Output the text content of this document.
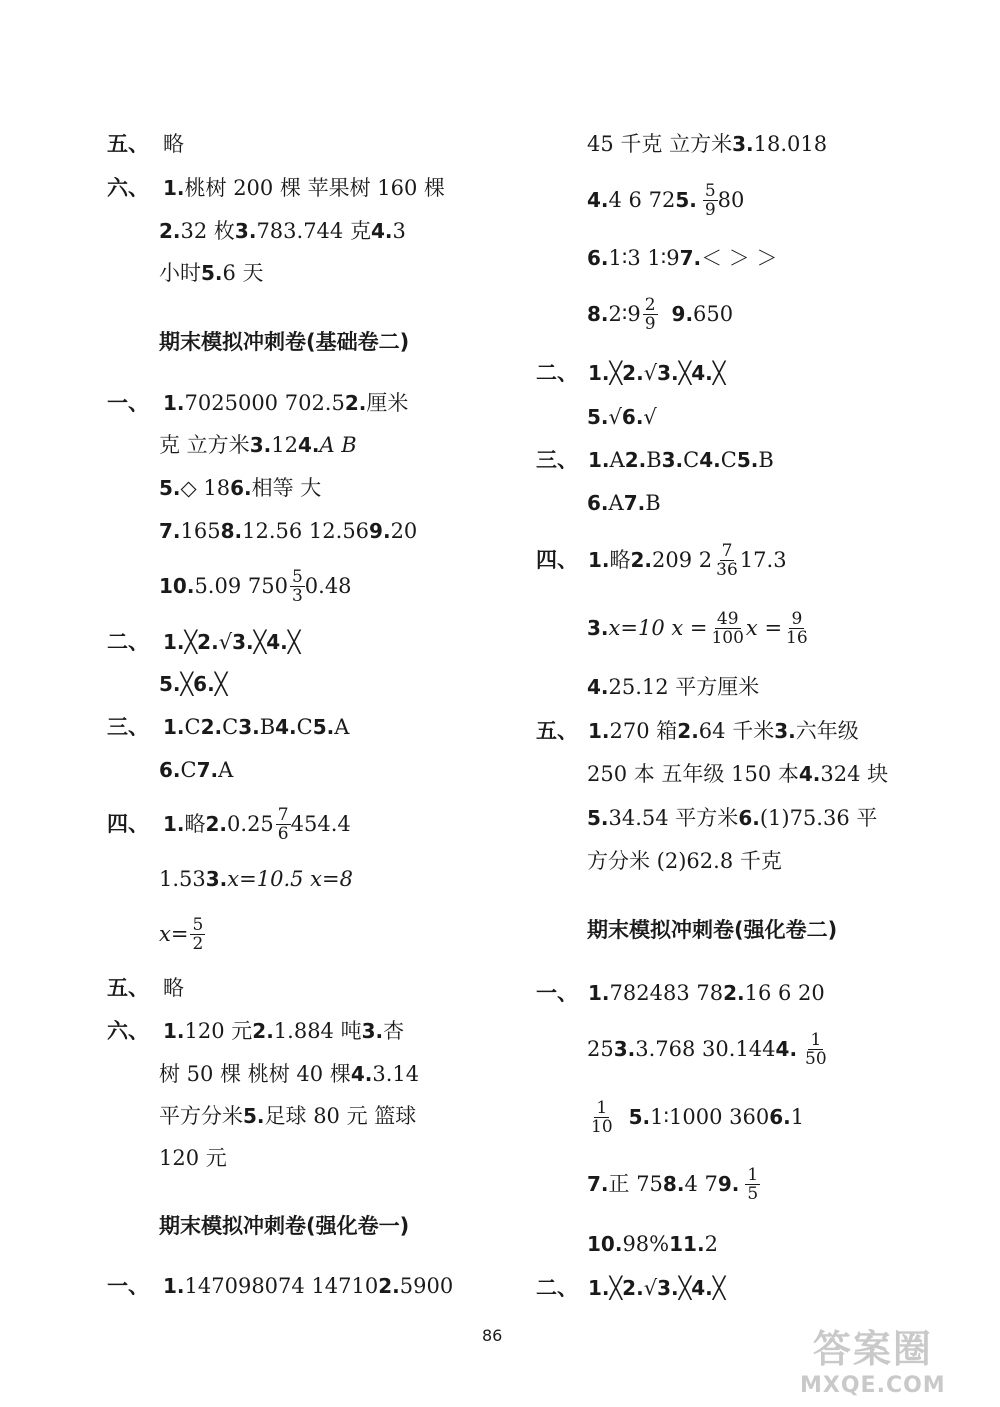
五、 略
六、 1. 桃树 200 棵 苹果树 160 棵
2. 32 枚 3. 783.744 克 4. 3
小时 5. 6 天
期末模拟冲刺卷(基础卷二)
一、 1. 7025000 702.5 2. 厘米
克 立方米 3. 12 4. A B
5. ◇ 18 6. 相等 大
7. 165 8. 12.56 12.56 9. 20
10. 5.09 $750 \frac{5}{3} 0.48$
二、 1. ╳ 2. √ 3. ╳ 4. ╳
5. ╳ 6. ╳
三、 1. C 2. C 3. B 4. C 5. A
6. C 7. A
四、 1. 略 2. $0.25 \frac{7}{6} 454.4$
1.53 3. x=10.5 x=8
$x= \frac{5}{2}$
五、 略
六、 1. 120 元 2. 1.884 吨 3. 杏
树 50 棵 桃树 40 棵 4. 3.14
平方分米 5. 足球 80 元 篮球
120 元
期末模拟冲刺卷(强化卷一)
一、 1. 147098074 14710 2. 5900
45 千克 立方米 3. 18.018
4. 4 6 72 5. $\frac{5}{9} 80$
6. 1∶3 1∶9 7. ＜ ＞ ＞
8. 2∶9 $\frac{2}{9} 9$. 650
二、 1. ╳ 2. √ 3. ╳ 4. ╳
5. √ 6. √
三、 1. A 2. B 3. C 4. C 5. B
6. A 7. B
四、 1. 略 2. 209 $2 \frac{7}{36} 17.3$
3. x=10 $x = \frac{49}{100}$ $x = \frac{9}{16}$
4. 25.12 平方厘米
五、 1. 270 箱 2. 64 千米 3. 六年级
250 本 五年级 150 本 4. 324 块
5. 34.54 平方米 6. (1)75.36 平
方分米 (2)62.8 千克
期末模拟冲刺卷(强化卷二)
一、 1. 782483 78 2. 16 6 20
25 3. 3.768 30.144 4. $\frac{1}{50}$
$\frac{1}{10} 5$. 1∶1000 360 6. 1
7. 正 75 8. 4 7 9. $\frac{1}{5}$
10. 98% 11. 2
二、 1. ╳ 2. √ 3. ╳ 4. ╳
86	答案圈
MXQE.COM
